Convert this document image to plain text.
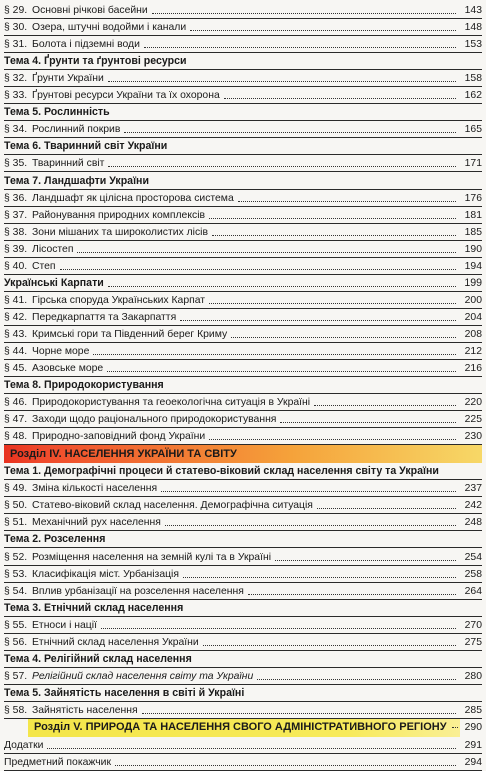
§ 29. Основні річкові басейни	143
§ 30. Озера, штучні водойми і канали	148
§ 31. Болота і підземні води	153
Тема 4. Ґрунти та ґрунтові ресурси
§ 32. Ґрунти України	158
§ 33. Ґрунтові ресурси України та їх охорона	162
Тема 5. Рослинність
§ 34. Рослинний покрив	165
Тема 6. Тваринний світ України
§ 35. Тваринний світ	171
Тема 7. Ландшафти України
§ 36. Ландшафт як цілісна просторова система	176
§ 37. Районування природних комплексів	181
§ 38. Зони мішаних та широколистих лісів	185
§ 39. Лісостеп	190
§ 40. Степ	194
Українські Карпати	199
§ 41. Гірська споруда Українських Карпат	200
§ 42. Передкарпаття та Закарпаття	204
§ 43. Кримські гори та Південний берег Криму	208
§ 44. Чорне море	212
§ 45. Азовське море	216
Тема 8. Природокористування
§ 46. Природокористування та геоекологічна ситуація в Україні	220
§ 47. Заходи щодо раціонального природокористування	225
§ 48. Природно-заповідний фонд України	230
Розділ IV. НАСЕЛЕННЯ УКРАЇНИ ТА СВІТУ
Тема 1. Демографічні процеси й статево-віковий склад населення світу та України
§ 49. Зміна кількості населення	237
§ 50. Статево-віковий склад населення. Демографічна ситуація	242
§ 51. Механічний рух населення	248
Тема 2. Розселення
§ 52. Розміщення населення на земній кулі та в Україні	254
§ 53. Класифікація міст. Урбанізація	258
§ 54. Вплив урбанізації на розселення населення	264
Тема 3. Етнічний склад населення
§ 55. Етноси і нації	270
§ 56. Етнічний склад населення України	275
Тема 4. Релігійний склад населення
§ 57. Релігійний склад населення світу та України	280
Тема 5. Зайнятість населення в світі й Україні
§ 58. Зайнятість населення	285
Розділ V. ПРИРОДА ТА НАСЕЛЕННЯ СВОГО АДМІНІСТРАТИВНОГО РЕГІОНУ	290
Додатки	291
Предметний покажчик	294
